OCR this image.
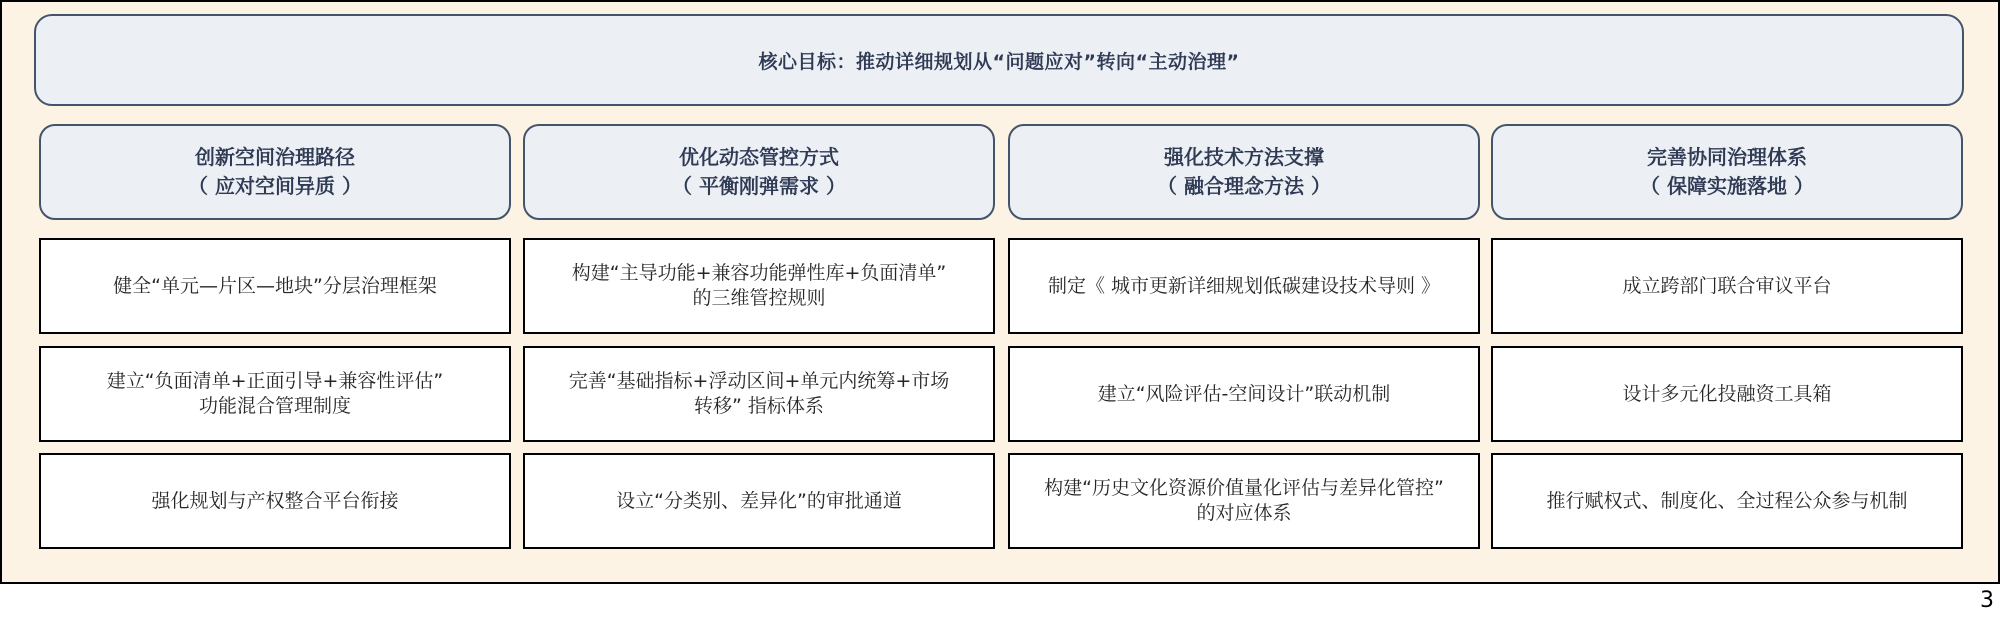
核心目标：推动详细规划从“问题应对”转向“主动治理”
创新空间治理路径
（ 应对空间异质 ）
健全“单元—片区—地块”分层治理框架
建立“负面清单+正面引导+兼容性评估”
功能混合管理制度
强化规划与产权整合平台衔接
优化动态管控方式
（ 平衡刚弹需求 ）
构建“主导功能+兼容功能弹性库+负面清单”
的三维管控规则
完善“基础指标+浮动区间+单元内统筹+市场
转移” 指标体系
设立“分类别、差异化”的审批通道
强化技术方法支撑
（ 融合理念方法 ）
制定《 城市更新详细规划低碳建设技术导则 》
建立“风险评估-空间设计”联动机制
构建“历史文化资源价值量化评估与差异化管控”
的对应体系
完善协同治理体系
（ 保障实施落地 ）
成立跨部门联合审议平台
设计多元化投融资工具箱
推行赋权式、制度化、全过程公众参与机制
3
